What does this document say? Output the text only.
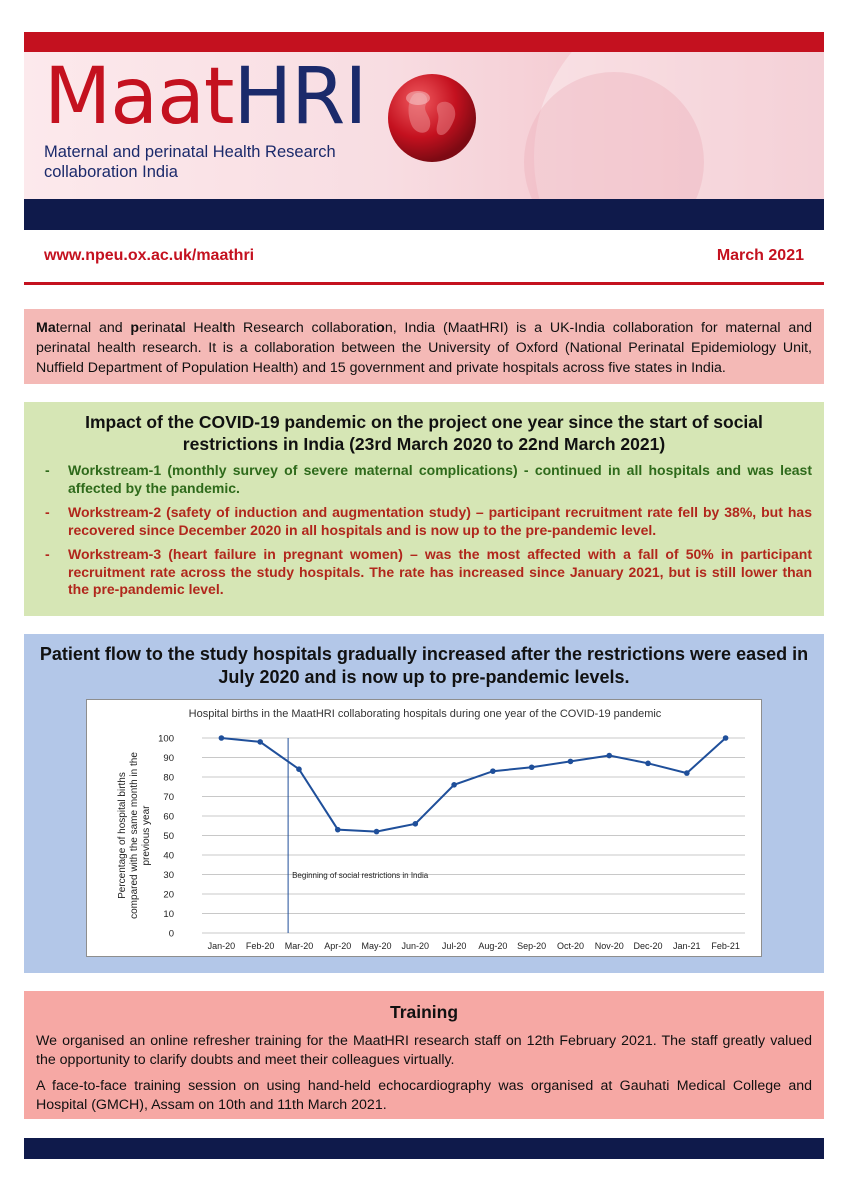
MaatHRI
Maternal and perinatal Health Research
collaboration India
www.npeu.ox.ac.uk/maathri	March 2021
Maternal and perinatal Health Research collaboration, India (MaatHRI) is a UK-India collaboration for maternal and perinatal health research. It is a collaboration between the University of Oxford (National Perinatal Epidemiology Unit, Nuffield Department of Population Health) and 15 government and private hospitals across five states in India.
Impact of the COVID-19 pandemic on the project one year since the start of social restrictions in India (23rd March 2020 to 22nd March 2021)
- Workstream-1 (monthly survey of severe maternal complications) - continued in all hospitals and was least affected by the pandemic.
- Workstream-2 (safety of induction and augmentation study) – participant recruitment rate fell by 38%, but has recovered since December 2020 in all hospitals and is now up to the pre-pandemic level.
- Workstream-3 (heart failure in pregnant women) – was the most affected with a fall of 50% in participant recruitment rate across the study hospitals. The rate has increased since January 2021, but is still lower than the pre-pandemic level.
Patient flow to the study hospitals gradually increased after the restrictions were eased in July 2020 and is now up to pre-pandemic levels.
Hospital births in the MaatHRI collaborating hospitals during one year of the COVID-19 pandemic
0
10
20
30
40
50
60
70
80
90
100
Jan-20 Feb-20 Mar-20 Apr-20 May-20 Jun-20 Jul-20 Aug-20 Sep-20 Oct-20 Nov-20 Dec-20 Jan-21 Feb-21
Percentage of hospital birthscompared with the same month in theprevious year
Beginning of social restrictions in India
Training

We organised an online refresher training for the MaatHRI research staff on 12th February 2021. The staff greatly valued the opportunity to clarify doubts and meet their colleagues virtually.

A face-to-face training session on using hand-held echocardiography was organised at Gauhati Medical College and Hospital (GMCH), Assam on 10th and 11th March 2021.
